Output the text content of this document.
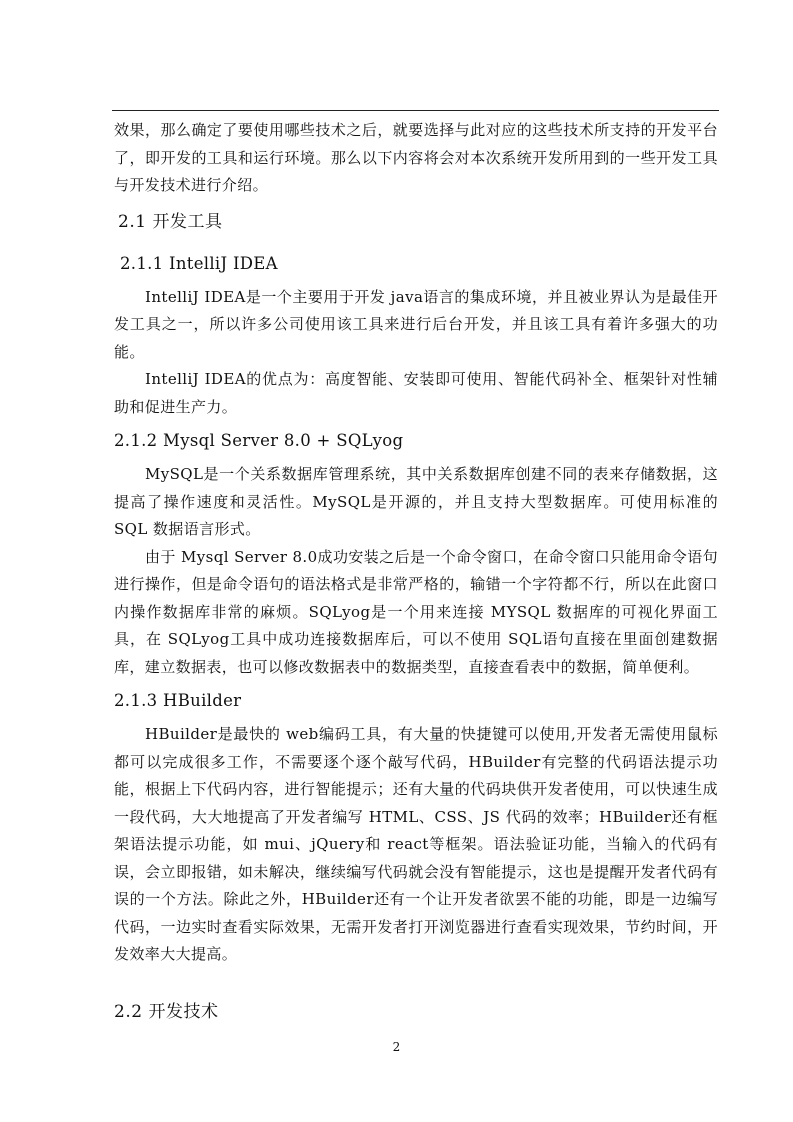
效果，那么确定了要使用哪些技术之后，就要选择与此对应的这些技术所支持的开发平台了，即开发的工具和运行环境。那么以下内容将会对本次系统开发所用到的一些开发工具与开发技术进行介绍。

2.1 开发工具
2.1.1 IntelliJ IDEA

IntelliJ IDEA是一个主要用于开发 java语言的集成环境，并且被业界认为是最佳开发工具之一，所以许多公司使用该工具来进行后台开发，并且该工具有着许多强大的功能。

IntelliJ IDEA的优点为：高度智能、安装即可使用、智能代码补全、框架针对性辅助和促进生产力。

2.1.2 Mysql Server 8.0 + SQLyog

MySQL是一个关系数据库管理系统，其中关系数据库创建不同的表来存储数据，这提高了操作速度和灵活性。MySQL是开源的，并且支持大型数据库。可使用标准的 SQL 数据语言形式。

由于 Mysql Server 8.0成功安装之后是一个命令窗口，在命令窗口只能用命令语句进行操作，但是命令语句的语法格式是非常严格的，输错一个字符都不行，所以在此窗口内操作数据库非常的麻烦。SQLyog是一个用来连接 MYSQL 数据库的可视化界面工具，在 SQLyog工具中成功连接数据库后，可以不使用 SQL语句直接在里面创建数据库，建立数据表，也可以修改数据表中的数据类型，直接查看表中的数据，简单便利。

2.1.3 HBuilder

HBuilder是最快的 web编码工具，有大量的快捷键可以使用,开发者无需使用鼠标都可以完成很多工作，不需要逐个逐个敲写代码，HBuilder有完整的代码语法提示功能，根据上下代码内容，进行智能提示；还有大量的代码块供开发者使用，可以快速生成一段代码，大大地提高了开发者编写 HTML、CSS、JS 代码的效率；HBuilder还有框架语法提示功能，如 mui、jQuery和 react等框架。语法验证功能，当输入的代码有误，会立即报错，如未解决，继续编写代码就会没有智能提示，这也是提醒开发者代码有误的一个方法。除此之外，HBuilder还有一个让开发者欲罢不能的功能，即是一边编写代码，一边实时查看实际效果，无需开发者打开浏览器进行查看实现效果，节约时间，开发效率大大提高。

2.2 开发技术
2
